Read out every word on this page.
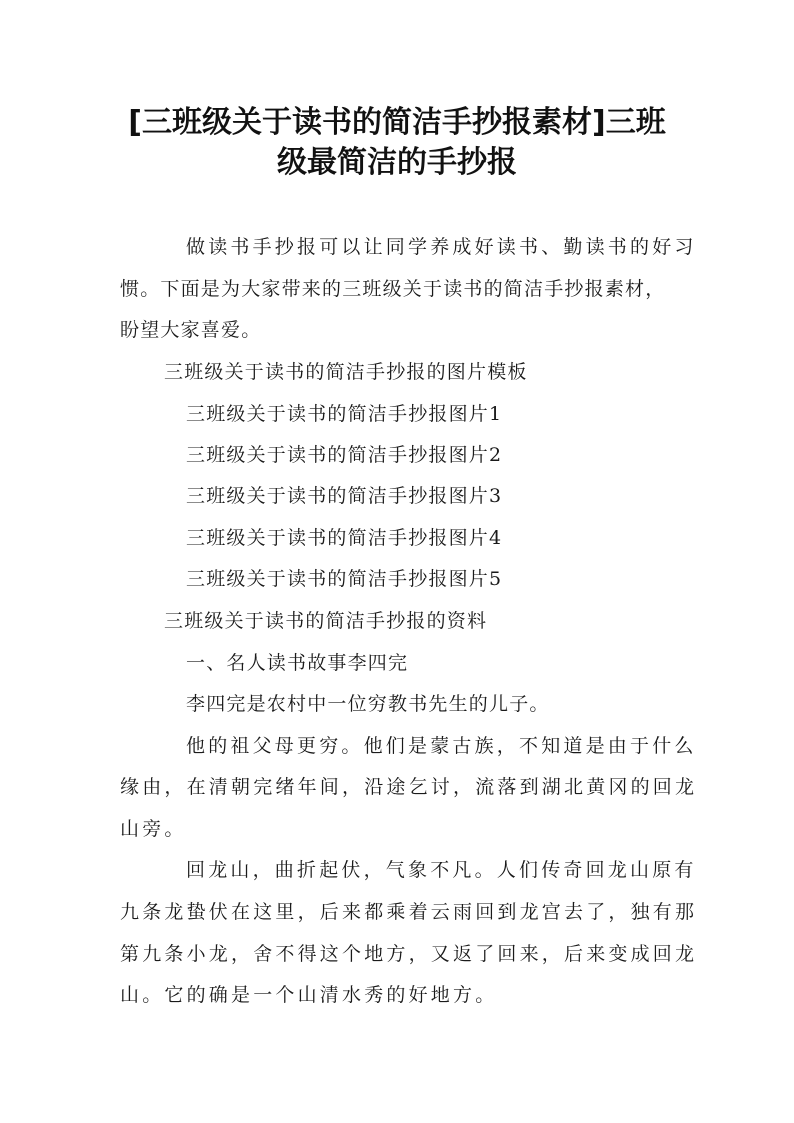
[三班级关于读书的简洁手抄报素材]三班
级最简洁的手抄报
做读书手抄报可以让同学养成好读书、勤读书的好习
惯。下面是为大家带来的三班级关于读书的简洁手抄报素材，
盼望大家喜爱。
三班级关于读书的简洁手抄报的图片模板
三班级关于读书的简洁手抄报图片1
三班级关于读书的简洁手抄报图片2
三班级关于读书的简洁手抄报图片3
三班级关于读书的简洁手抄报图片4
三班级关于读书的简洁手抄报图片5
三班级关于读书的简洁手抄报的资料
一、名人读书故事李四完
李四完是农村中一位穷教书先生的儿子。
他的祖父母更穷。他们是蒙古族，不知道是由于什么
缘由，在清朝完绪年间，沿途乞讨，流落到湖北黄冈的回龙
山旁。
回龙山，曲折起伏，气象不凡。人们传奇回龙山原有
九条龙蛰伏在这里，后来都乘着云雨回到龙宫去了，独有那
第九条小龙，舍不得这个地方，又返了回来，后来变成回龙
山。它的确是一个山清水秀的好地方。
